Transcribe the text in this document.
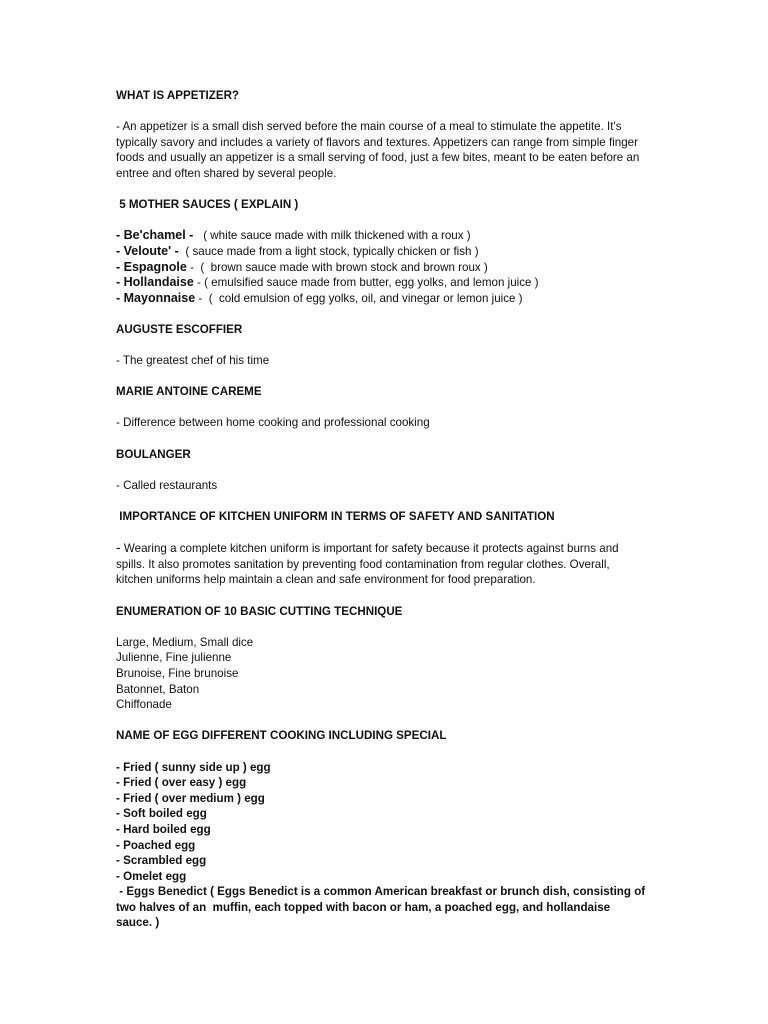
WHAT IS APPETIZER?

- An appetizer is a small dish served before the main course of a meal to stimulate the appetite. It's typically savory and includes a variety of flavors and textures. Appetizers can range from simple finger foods and usually an appetizer is a small serving of food, just a few bites, meant to be eaten before an entree and often shared by several people.

5 MOTHER SAUCES ( EXPLAIN )

- Be'chamel -   ( white sauce made with milk thickened with a roux )

- Veloute' -  ( sauce made from a light stock, typically chicken or fish )

- Espagnole -  (  brown sauce made with brown stock and brown roux )

- Hollandaise - ( emulsified sauce made from butter, egg yolks, and lemon juice )

- Mayonnaise -  (  cold emulsion of egg yolks, oil, and vinegar or lemon juice )

AUGUSTE ESCOFFIER

- The greatest chef of his time

MARIE ANTOINE CAREME

- Difference between home cooking and professional cooking

BOULANGER

- Called restaurants

IMPORTANCE OF KITCHEN UNIFORM IN TERMS OF SAFETY AND SANITATION

- Wearing a complete kitchen uniform is important for safety because it protects against burns and spills. It also promotes sanitation by preventing food contamination from regular clothes. Overall, kitchen uniforms help maintain a clean and safe environment for food preparation.

ENUMERATION OF 10 BASIC CUTTING TECHNIQUE

Large, Medium, Small dice

Julienne, Fine julienne

Brunoise, Fine brunoise

Batonnet, Baton

Chiffonade

NAME OF EGG DIFFERENT COOKING INCLUDING SPECIAL

- Fried ( sunny side up ) egg

- Fried ( over easy ) egg

- Fried ( over medium ) egg

- Soft boiled egg

- Hard boiled egg

- Poached egg

- Scrambled egg

- Omelet egg

- Eggs Benedict ( Eggs Benedict is a common American breakfast or brunch dish, consisting of two halves of an  muffin, each topped with bacon or ham, a poached egg, and hollandaise sauce. )
